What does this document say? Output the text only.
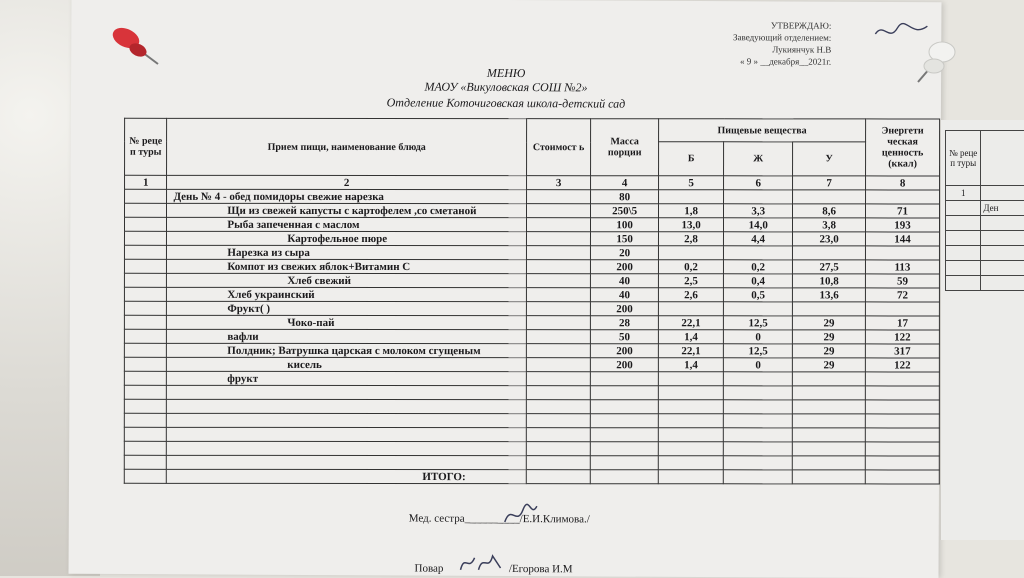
УТВЕРЖДАЮ:
Заведующий отделением:
Лукиянчук Н.В
« 9 » __декабря__2021г.
МЕНЮ
МАОУ «Викуловская СОШ №2»
Отделение Коточиговская школа-детский сад
№ реце п туры	Прием пищи, наименование блюда	Стоимост ь	Масса порции	Пищевые вещества			Энергети ческая ценность (ккал)
				Б	Ж	У	
1	2	3	4	5	6	7	8
	День № 4 - обед помидоры свежие нарезка		80				
	Щи из свежей капусты с картофелем ,со сметаной		250\5	1,8	3,3	8,6	71
	Рыба запеченная с маслом		100	13,0	14,0	3,8	193
	Картофельное пюре		150	2,8	4,4	23,0	144
	Нарезка из сыра		20				
	Компот из свежих яблок+Витамин С		200	0,2	0,2	27,5	113
	Хлеб свежий		40	2,5	0,4	10,8	59
	Хлеб украинский		40	2,6	0,5	13,6	72
	Фрукт( )		200				
	Чоко-пай		28	22,1	12,5	29	17
	вафли		50	1,4	0	29	122
	Полдник; Ватрушка царская с молоком сгущеным		200	22,1	12,5	29	317
	кисель		200	1,4	0	29	122
	фрукт						

	ИТОГО:						
Мед. сестра__________/Е.И.Климова./
Повар	/Егорова И.М
№ реце п туры	
1	
	Ден
